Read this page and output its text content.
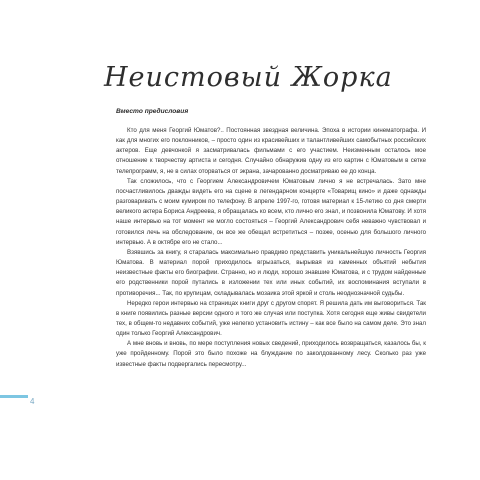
Неистовый Жорка

Вместо предисловия

Кто для меня Георгий Юматов?.. Постоянная звездная величина. Эпоха в истории кинематографа. И как для многих его поклонников, – просто один из красивейших и талантливейших самобытных российских актеров. Еще девчонкой я засматривалась фильмами с его участием. Неизменным осталось мое отношение к творчеству артиста и сегодня. Случайно обнаружив одну из его картин с Юматовым в сетке телепрограмм, я, не в силах оторваться от экрана, зачарованно досматриваю ее до конца.

Так сложилось, что с Георгием Александровичем Юматовым лично я не встречалась. Зато мне посчастливилось дважды видеть его на сцене в легендарном концерте «Товарищ кино» и даже однажды разговаривать с моим кумиром по телефону. В апреле 1997-го, готовя материал к 15-летию со дня смерти великого актера Бориса Андреева, я обращалась ко всем, кто лично его знал, и позвонила Юматову. И хотя наше интервью на тот момент не могло состояться – Георгий Александрович себя неважно чувствовал и готовился лечь на обследование, он все же обещал встретиться – позже, осенью для большого личного интервью. А в октябре его не стало...

Взявшись за книгу, я старалась максимально правдиво представить уникальнейшую личность Георгия Юматова. В материал порой приходилось вгрызаться, вырывая из каменных объятий небытия неизвестные факты его биографии. Странно, но и люди, хорошо знавшие Юматова, и с трудом найденные его родственники порой путались в изложении тех или иных событий, их воспоминания вступали в противоречия... Так, по крупицам, складывалась мозаика этой яркой и столь неоднозначной судьбы.

Нередко герои интервью на страницах книги друг с другом спорят. Я решила дать им выговориться. Так в книге появились разные версии одного и того же случая или поступка. Хотя сегодня еще живы свидетели тех, в общем-то недавних событий, уже нелегко установить истину – как все было на самом деле. Это знал один только Георгий Александрович.

А мне вновь и вновь, по мере поступления новых сведений, приходилось возвращаться, казалось бы, к уже пройденному. Порой это было похоже на блуждание по заколдованному лесу. Сколько раз уже известные факты подвергались пересмотру...

4
